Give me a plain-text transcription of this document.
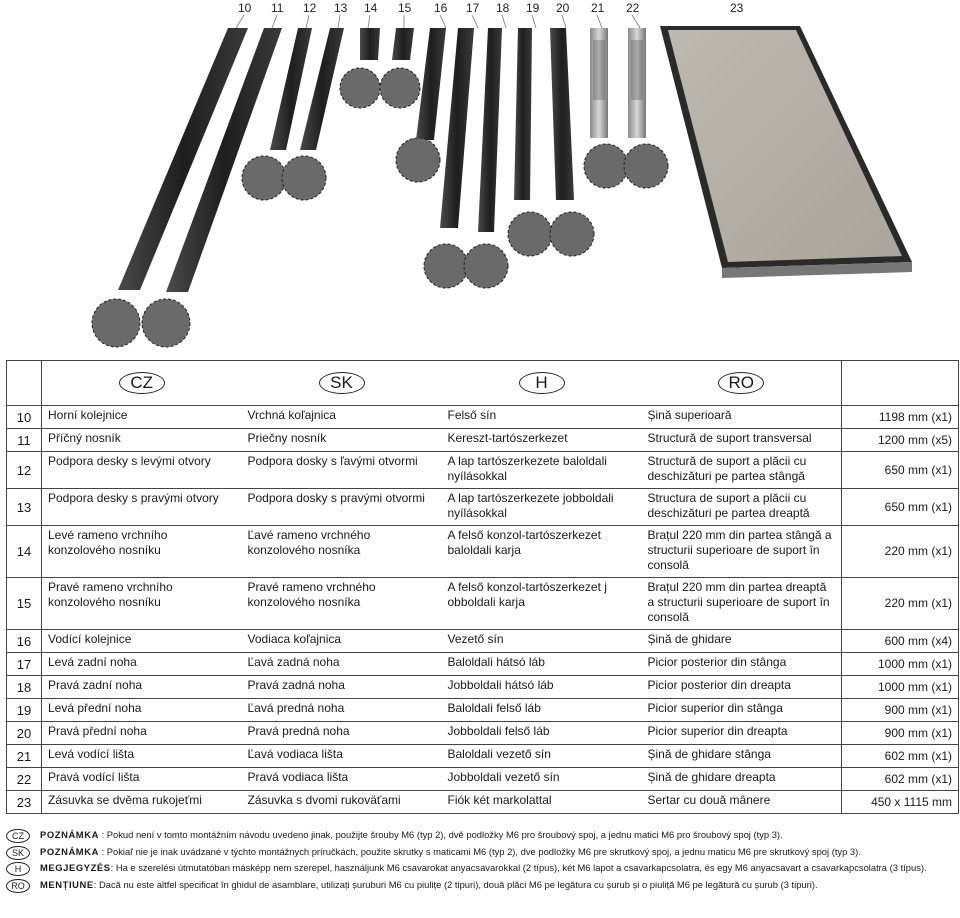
10 11 12 13 14 15 16 17 18 19 20 21 22	23
	CZ	SK	H	RO	
10	Horní kolejnice	Vrchná koľajnica	Felső sín	Șină superioară	1198 mm (x1)
11	Příčný nosník	Priečny nosník	Kereszt-tartószerkezet	Structură de suport transversal	1200 mm (x5)
12	Podpora desky s levými otvory	Podpora dosky s ľavými otvormi	A lap tartószerkezete baloldali nyílásokkal	Structură de suport a plăcii cu deschizături pe partea stângă	650 mm (x1)
13	Podpora desky s pravými otvory	Podpora dosky s pravými otvormi	A lap tartószerkezete jobboldali nyílásokkal	Structura de suport a plăcii cu deschizături pe partea dreaptă	650 mm (x1)
14	Levé rameno vrchního konzolového nosníku	Ľavé rameno vrchného konzolového nosníka	A felső konzol-tartószerkezet baloldali karja	Brațul 220 mm din partea stângă a structurii superioare de suport în consolă	220 mm (x1)
15	Pravé rameno vrchního konzolového nosníku	Pravé rameno vrchného konzolového nosníka	A felső konzol-tartószerkezet j obboldali karja	Brațul 220 mm din partea dreaptă a structurii superioare de suport în consolă	220 mm (x1)
16	Vodící kolejnice	Vodiaca koľajnica	Vezető sín	Șină de ghidare	600 mm (x4)
17	Levá zadní noha	Ľavá zadná noha	Baloldali hátsó láb	Picior posterior din stânga	1000 mm (x1)
18	Pravá zadní noha	Pravá zadná noha	Jobboldali hátsó láb	Picior posterior din dreapta	1000 mm (x1)
19	Levá přední noha	Ľavá predná noha	Baloldali felső láb	Picior superior din stânga	900 mm (x1)
20	Pravá přední noha	Pravá predná noha	Jobboldali felső láb	Picior superior din dreapta	900 mm (x1)
21	Levá vodící lišta	Ľavá vodiaca lišta	Baloldali vezető sín	Șină de ghidare stânga	602 mm (x1)
22	Pravá vodící lišta	Pravá vodiaca lišta	Jobboldali vezető sín	Șină de ghidare dreapta	602 mm (x1)
23	Zásuvka se dvěma rukojeťmi	Zásuvka s dvomi rukoväťami	Fiók két markolattal	Sertar cu două mânere	450 x 1115 mm
CZ	POZNÁMKA : Pokud není v tomto montážním návodu uvedeno jinak, použijte šrouby M6 (typ 2), dvě podložky M6 pro šroubový spoj, a jednu matici M6 pro šroubový spoj (typ 3).
SK	POZNÁMKA : Pokiaľ nie je inak uvádzané v týchto montážnych príručkách, použite skrutky s maticami M6 (typ 2), dve podložky M6 pre skrutkový spoj, a jednu maticu M6 pre skrutkový spoj (typ 3).
H	MEGJEGYZÉS: Ha e szerelési útmutatóban másképp nem szerepel, használjunk M6 csavarokat anyacsavarokkal (2 típus), két M6 lapot a csavarkapcsolatra, és egy M6 anyacsavart a csavarkapcsolatra (3 típus).
RO	MENȚIUNE: Dacă nu este altfel specificat în ghidul de asamblare, utilizați șuruburi M6 cu piulițe (2 tipuri), două plăci M6 pe legătura cu șurub și o piuliță M6 pe legătură cu șurub (3 tipuri).
